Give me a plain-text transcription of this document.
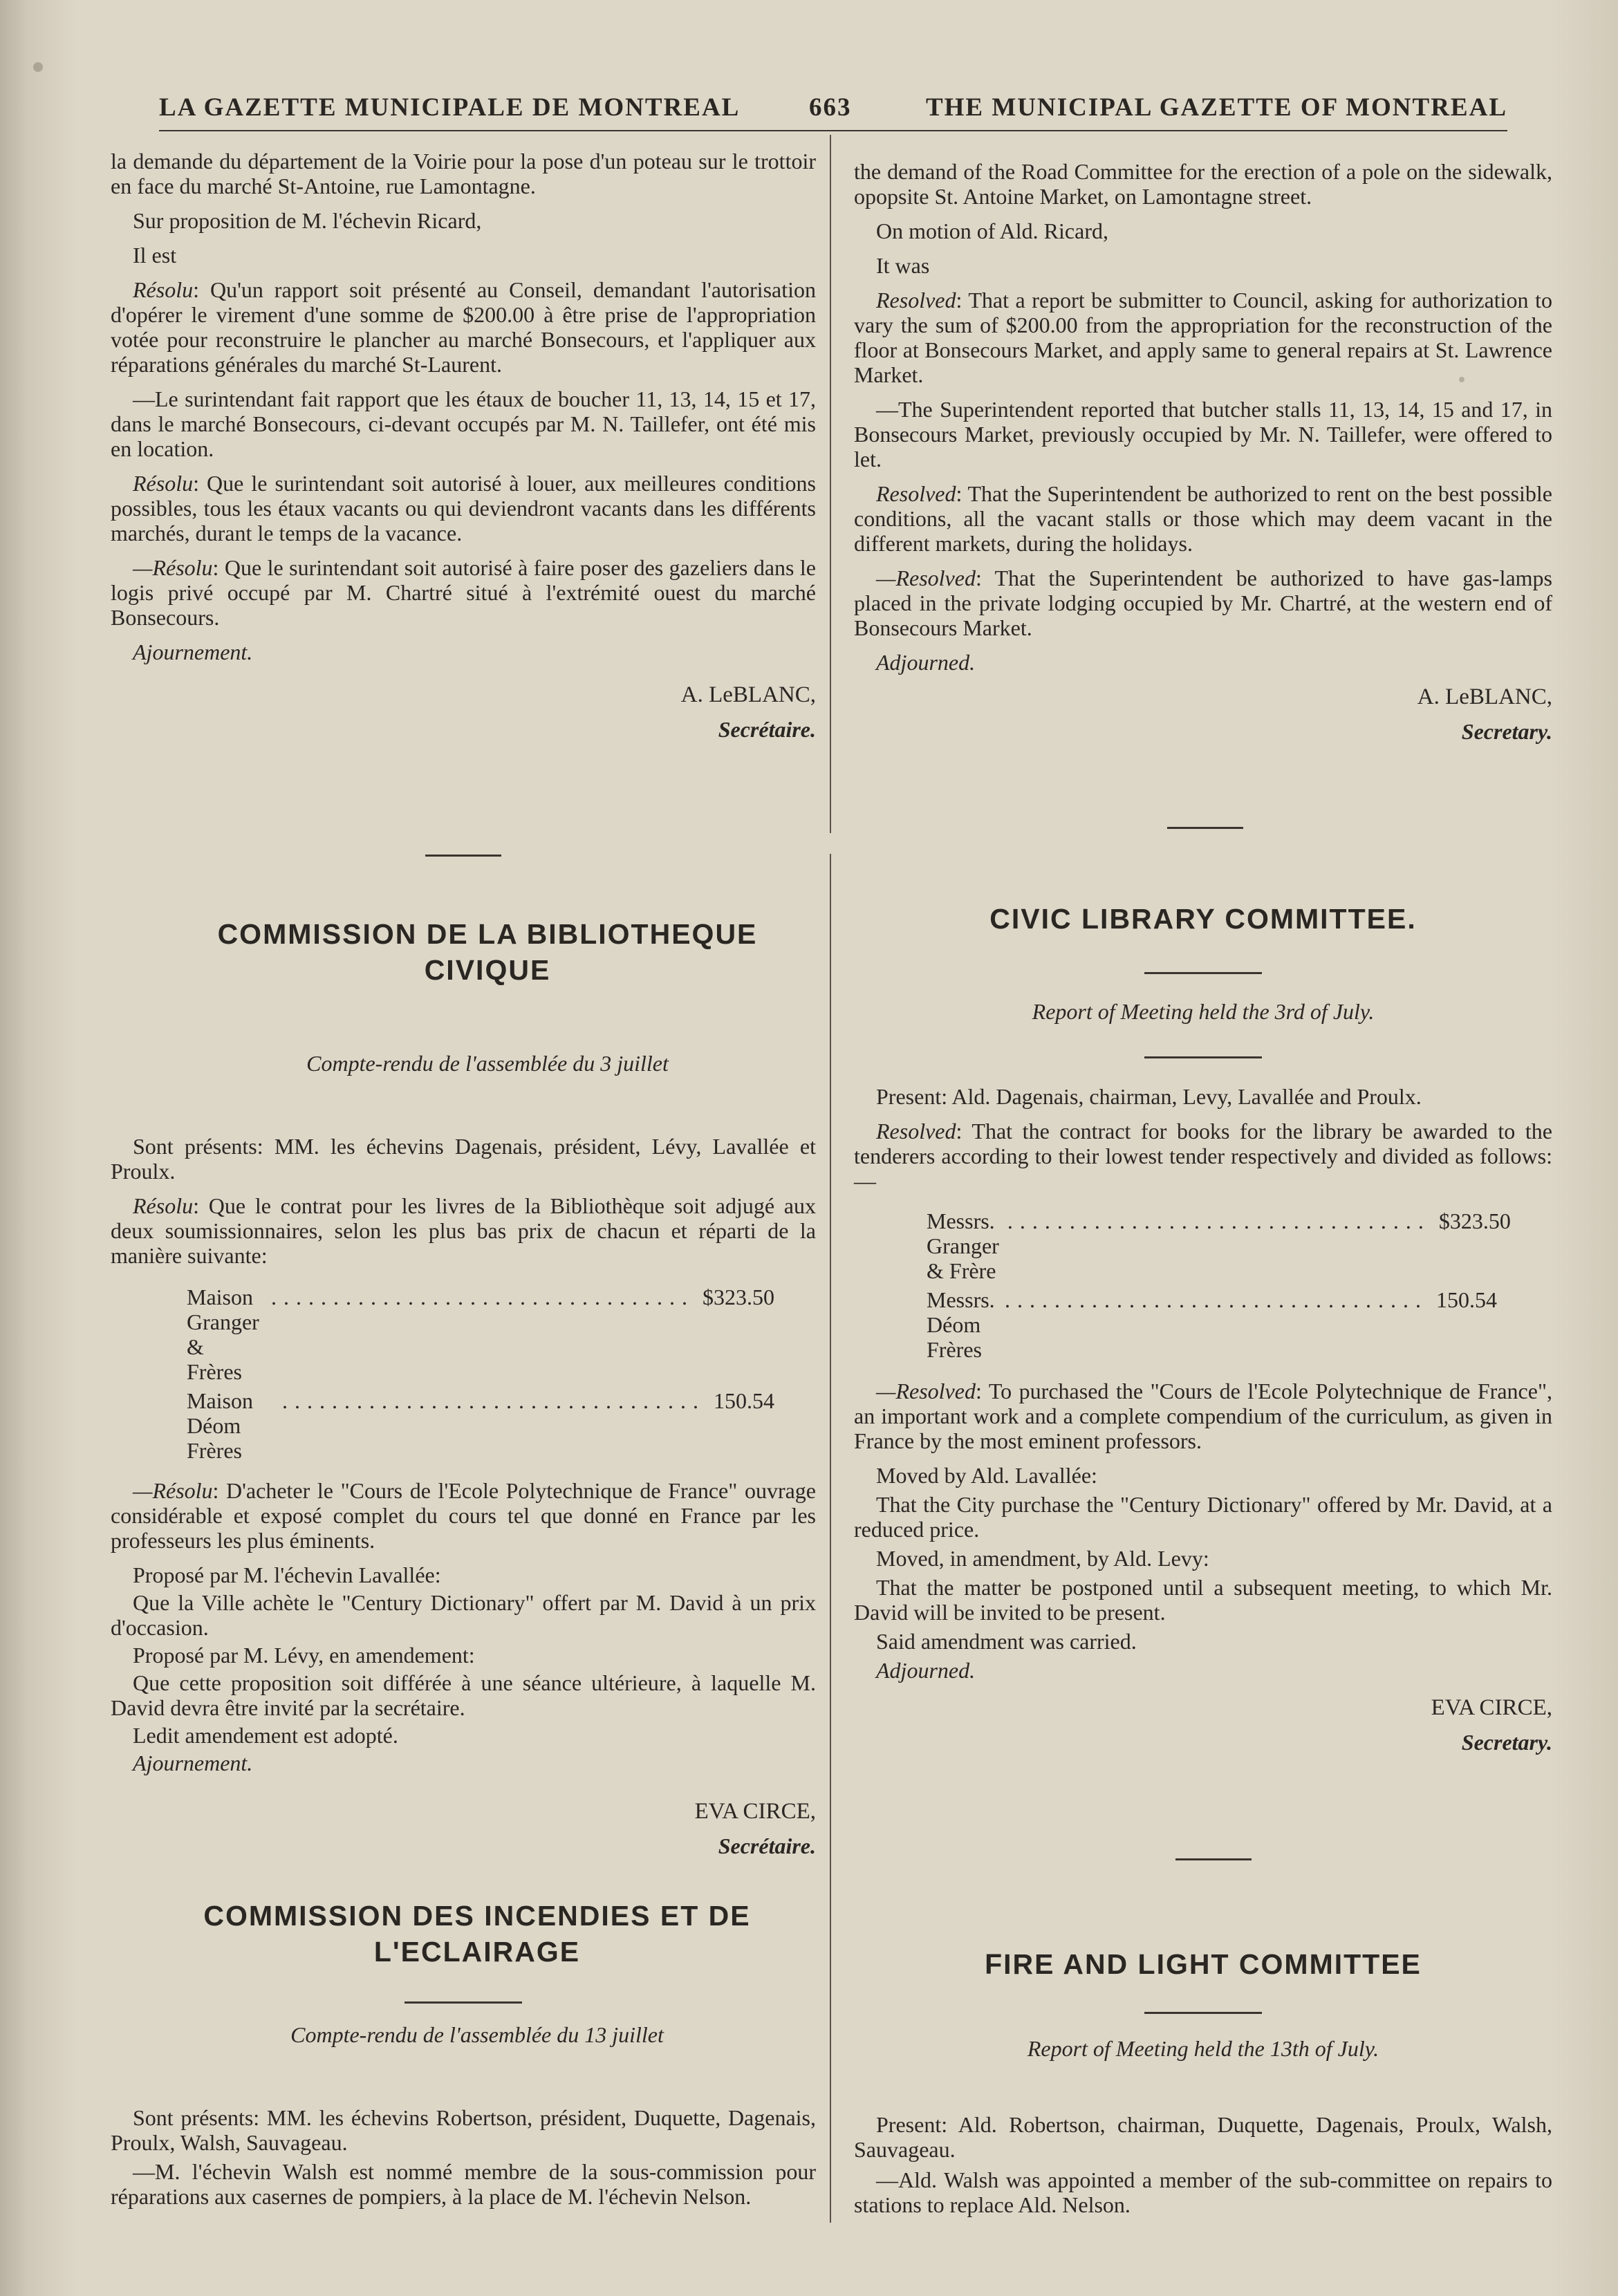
LA GAZETTE MUNICIPALE DE MONTREAL	663	THE MUNICIPAL GAZETTE OF MONTREAL

la demande du département de la Voirie pour la pose d'un poteau sur le trottoir en face du marché St-Antoine, rue Lamontagne.

Sur proposition de M. l'échevin Ricard,

Il est

Résolu: Qu'un rapport soit présenté au Conseil, demandant l'autorisation d'opérer le virement d'une somme de $200.00 à être prise de l'appropriation votée pour reconstruire le plancher au marché Bonsecours, et l'appliquer aux réparations générales du marché St-Laurent.

—Le surintendant fait rapport que les étaux de boucher 11, 13, 14, 15 et 17, dans le marché Bonsecours, ci-devant occupés par M. N. Taillefer, ont été mis en location.

Résolu: Que le surintendant soit autorisé à louer, aux meilleures conditions possibles, tous les étaux vacants ou qui deviendront vacants dans les différents marchés, durant le temps de la vacance.

—Résolu: Que le surintendant soit autorisé à faire poser des gazeliers dans le logis privé occupé par M. Chartré situé à l'extrémité ouest du marché Bonsecours.

Ajournement.

A. LeBLANC,

Secrétaire.

COMMISSION DE LA BIBLIOTHEQUE CIVIQUE
Compte-rendu de l'assemblée du 3 juillet

Sont présents: MM. les échevins Dagenais, président, Lévy, Lavallée et Proulx.

Résolu: Que le contrat pour les livres de la Bibliothèque soit adjugé aux deux soumissionnaires, selon les plus bas prix de chacun et réparti de la manière suivante:

Maison Granger & Frères
.................................. $323.50
Maison Déom Frères
.................................. 150.54

—Résolu: D'acheter le "Cours de l'Ecole Polytechnique de France" ouvrage considérable et exposé complet du cours tel que donné en France par les professeurs les plus éminents.

Proposé par M. l'échevin Lavallée:

Que la Ville achète le "Century Dictionary" offert par M. David à un prix d'occasion.

Proposé par M. Lévy, en amendement:

Que cette proposition soit différée à une séance ultérieure, à laquelle M. David devra être invité par la secrétaire.

Ledit amendement est adopté.

Ajournement.

EVA CIRCE,

Secrétaire.

COMMISSION DES INCENDIES ET DE L'ECLAIRAGE
Compte-rendu de l'assemblée du 13 juillet

Sont présents: MM. les échevins Robertson, président, Duquette, Dagenais, Proulx, Walsh, Sauvageau.

—M. l'échevin Walsh est nommé membre de la sous-commission pour réparations aux casernes de pompiers, à la place de M. l'échevin Nelson.

the demand of the Road Committee for the erection of a pole on the sidewalk, opopsite St. Antoine Market, on Lamontagne street.

On motion of Ald. Ricard,

It was

Resolved: That a report be submitter to Council, asking for authorization to vary the sum of $200.00 from the appropriation for the reconstruction of the floor at Bonsecours Market, and apply same to general repairs at St. Lawrence Market.

—The Superintendent reported that butcher stalls 11, 13, 14, 15 and 17, in Bonsecours Market, previously occupied by Mr. N. Taillefer, were offered to let.

Resolved: That the Superintendent be authorized to rent on the best possible conditions, all the vacant stalls or those which may deem vacant in the different markets, during the holidays.

—Resolved: That the Superintendent be authorized to have gas-lamps placed in the private lodging occupied by Mr. Chartré, at the western end of Bonsecours Market.

Adjourned.

A. LeBLANC,

Secretary.

CIVIC LIBRARY COMMITTEE.
Report of Meeting held the 3rd of July.

Present: Ald. Dagenais, chairman, Levy, Lavallée and Proulx.

Resolved: That the contract for books for the library be awarded to the tenderers according to their lowest tender respectively and divided as follows:—

Messrs. Granger & Frère
.................................. $323.50
Messrs. Déom Frères
.................................. 150.54

—Resolved: To purchased the "Cours de l'Ecole Polytechnique de France", an important work and a complete compendium of the curriculum, as given in France by the most eminent professors.

Moved by Ald. Lavallée:

That the City purchase the "Century Dictionary" offered by Mr. David, at a reduced price.

Moved, in amendment, by Ald. Levy:

That the matter be postponed until a subsequent meeting, to which Mr. David will be invited to be present.

Said amendment was carried.

Adjourned.

EVA CIRCE,

Secretary.

FIRE AND LIGHT COMMITTEE
Report of Meeting held the 13th of July.

Present: Ald. Robertson, chairman, Duquette, Dagenais, Proulx, Walsh, Sauvageau.

—Ald. Walsh was appointed a member of the sub-committee on repairs to stations to replace Ald. Nelson.
